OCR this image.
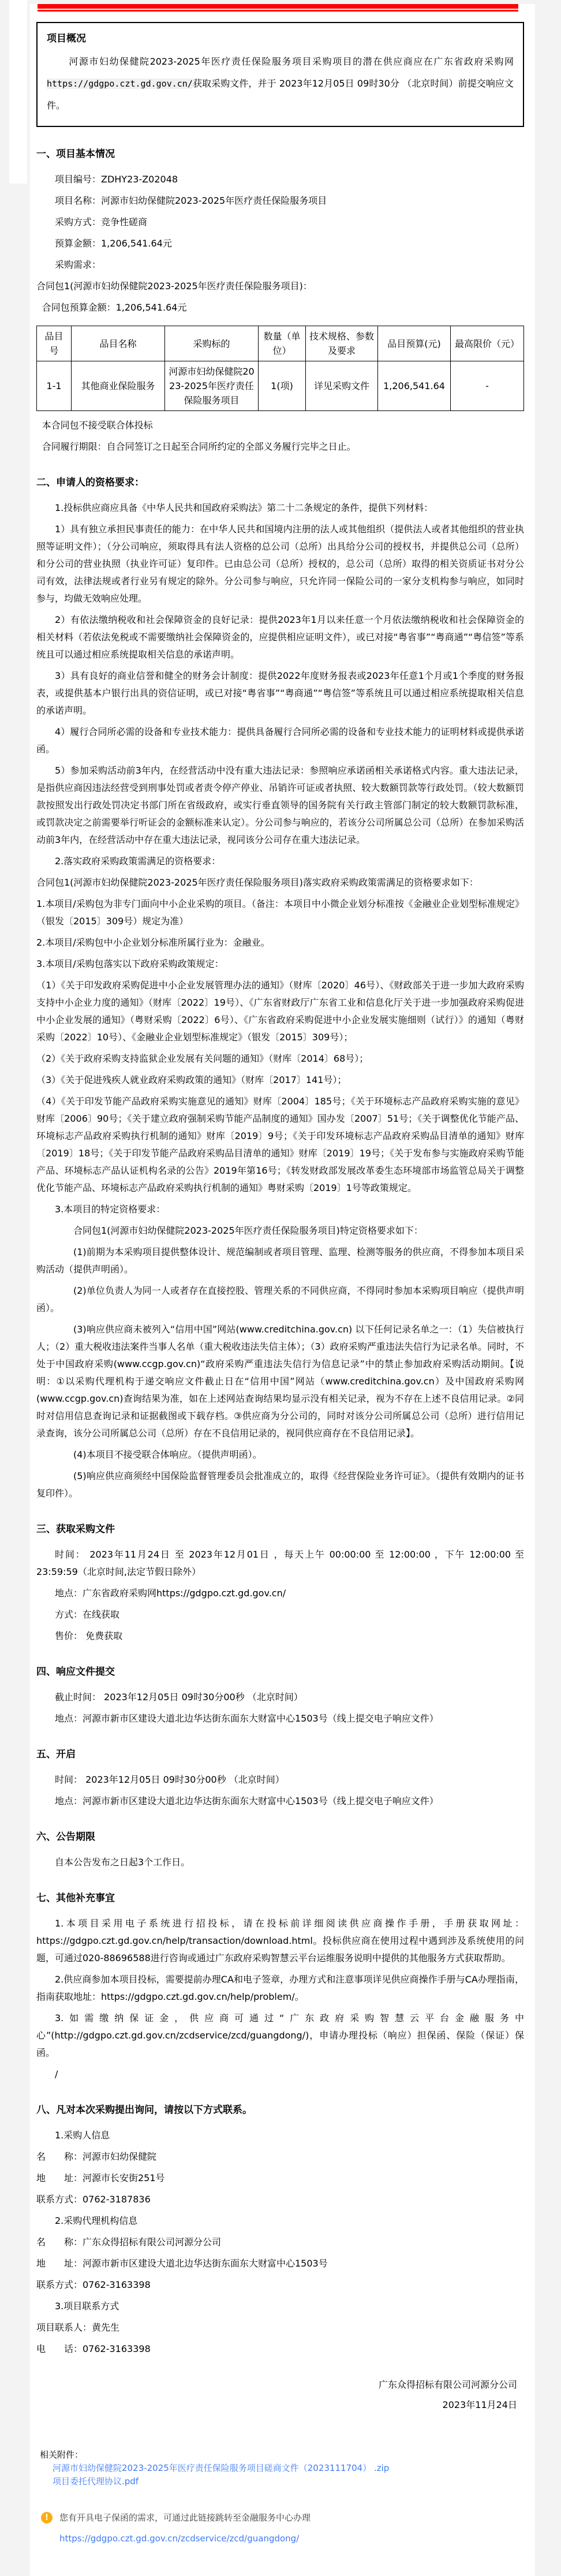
项目概况

河源市妇幼保健院2023-2025年医疗责任保险服务项目采购项目的潜在供应商应在广东省政府采购网https://gdgpo.czt.gd.gov.cn/获取采购文件，并于 2023年12月05日 09时30分 （北京时间）前提交响应文件。

一、项目基本情况

项目编号：ZDHY23-Z02048

项目名称：河源市妇幼保健院2023-2025年医疗责任保险服务项目

采购方式：竞争性磋商

预算金额：1,206,541.64元

采购需求：

合同包1(河源市妇幼保健院2023-2025年医疗责任保险服务项目)：

合同包预算金额：1,206,541.64元

品目号	品目名称	采购标的	数量（单位）	技术规格、参数及要求	品目预算(元)	最高限价（元）
1-1	其他商业保险服务	河源市妇幼保健院2023-2025年医疗责任保险服务项目	1(项)	详见采购文件	1,206,541.64	-

本合同包不接受联合体投标

合同履行期限：自合同签订之日起至合同所约定的全部义务履行完毕之日止。

二、申请人的资格要求：

1.投标供应商应具备《中华人民共和国政府采购法》第二十二条规定的条件，提供下列材料：

1）具有独立承担民事责任的能力：在中华人民共和国境内注册的法人或其他组织（提供法人或者其他组织的营业执照等证明文件）；（分公司响应，须取得具有法人资格的总公司（总所）出具给分公司的授权书，并提供总公司（总所）和分公司的营业执照（执业许可证）复印件。已由总公司（总所）授权的，总公司（总所）取得的相关资质证书对分公司有效，法律法规或者行业另有规定的除外。分公司参与响应，只允许同一保险公司的一家分支机构参与响应，如同时参与，均做无效响应处理。

2）有依法缴纳税收和社会保障资金的良好记录：提供2023年1月以来任意一个月依法缴纳税收和社会保障资金的相关材料（若依法免税或不需要缴纳社会保障资金的，应提供相应证明文件），或已对接“粤省事”“粤商通”“粤信签”等系统且可以通过相应系统提取相关信息的承诺声明。

3）具有良好的商业信誉和健全的财务会计制度：提供2022年度财务报表或2023年任意1个月或1个季度的财务报表，或提供基本户银行出具的资信证明，或已对接“粤省事”“粤商通”“粤信签”等系统且可以通过相应系统提取相关信息的承诺声明。

4）履行合同所必需的设备和专业技术能力：提供具备履行合同所必需的设备和专业技术能力的证明材料或提供承诺函。

5）参加采购活动前3年内，在经营活动中没有重大违法记录：参照响应承诺函相关承诺格式内容。重大违法记录，是指供应商因违法经营受到刑事处罚或者责令停产停业、吊销许可证或者执照、较大数额罚款等行政处罚。（较大数额罚款按照发出行政处罚决定书部门所在省级政府，或实行垂直领导的国务院有关行政主管部门制定的较大数额罚款标准，或罚款决定之前需要举行听证会的金额标准来认定）。分公司参与响应的，若该分公司所属总公司（总所）在参加采购活动前3年内，在经营活动中存在重大违法记录，视同该分公司存在重大违法记录。

2.落实政府采购政策需满足的资格要求：

合同包1(河源市妇幼保健院2023-2025年医疗责任保险服务项目)落实政府采购政策需满足的资格要求如下：

1.本项目/采购包为非专门面向中小企业采购的项目。（备注：本项目中小微企业划分标准按《金融业企业划型标准规定》（银发〔2015〕309号）规定为准）

2.本项目/采购包中小企业划分标准所属行业为：金融业。

3.本项目/采购包落实以下政府采购政策规定：

（1）《关于印发政府采购促进中小企业发展管理办法的通知》（财库〔2020〕46号）、《财政部关于进一步加大政府采购支持中小企业力度的通知》（财库〔2022〕19号）、《广东省财政厅广东省工业和信息化厅关于进一步加强政府采购促进中小企业发展的通知》（粤财采购〔2022〕6号）、《广东省政府采购促进中小企业发展实施细则（试行）》的通知（粤财采购〔2022〕10号）、《金融业企业划型标准规定》（银发〔2015〕309号）；

（2）《关于政府采购支持监狱企业发展有关问题的通知》（财库〔2014〕68号）；

（3）《关于促进残疾人就业政府采购政策的通知》（财库〔2017〕141号）；

（4）《关于印发节能产品政府采购实施意见的通知》财库〔2004〕185号；《关于环境标志产品政府采购实施的意见》财库〔2006〕90号；《关于建立政府强制采购节能产品制度的通知》国办发〔2007〕51号；《关于调整优化节能产品、环境标志产品政府采购执行机制的通知》财库〔2019〕9号；《关于印发环境标志产品政府采购品目清单的通知》财库〔2019〕18号；《关于印发节能产品政府采购品目清单的通知》财库〔2019〕19号；《关于发布参与实施政府采购节能产品、环境标志产品认证机构名录的公告》2019年第16号；《转发财政部发展改革委生态环境部市场监管总局关于调整优化节能产品、环境标志产品政府采购执行机制的通知》粤财采购〔2019〕1号等政策规定。

3.本项目的特定资格要求：

合同包1(河源市妇幼保健院2023-2025年医疗责任保险服务项目)特定资格要求如下：

(1)前期为本采购项目提供整体设计、规范编制或者项目管理、监理、检测等服务的供应商，不得参加本项目采购活动（提供声明函）。

(2)单位负责人为同一人或者存在直接控股、管理关系的不同供应商，不得同时参加本采购项目响应（提供声明函）。

(3)响应供应商未被列入“信用中国”网站(www.creditchina.gov.cn) 以下任何记录名单之一：（1）失信被执行人；（2）重大税收违法案件当事人名单（重大税收违法失信主体）；（3）政府采购严重违法失信行为记录名单。同时，不处于中国政府采购(www.ccgp.gov.cn)“政府采购严重违法失信行为信息记录”中的禁止参加政府采购活动期间。【说明：①以采购代理机构于递交响应文件截止日在“信用中国”网站（www.creditchina.gov.cn）及中国政府采购网(www.ccgp.gov.cn)查询结果为准，如在上述网站查询结果均显示没有相关记录，视为不存在上述不良信用记录。②同时对信用信息查询记录和证据截图或下载存档。③供应商为分公司的，同时对该分公司所属总公司（总所）进行信用记录查询，该分公司所属总公司（总所）存在不良信用记录的，视同供应商存在不良信用记录】。

(4)本项目不接受联合体响应。（提供声明函）。

(5)响应供应商须经中国保险监督管理委员会批准成立的，取得《经营保险业务许可证》。（提供有效期内的证书复印件）。

三、获取采购文件

时间： 2023年11月24日 至 2023年12月01日 ，每天上午 00:00:00 至 12:00:00 ，下午 12:00:00 至 23:59:59（北京时间,法定节假日除外）

地点：广东省政府采购网https://gdgpo.czt.gd.gov.cn/

方式：在线获取

售价： 免费获取

四、响应文件提交

截止时间： 2023年12月05日 09时30分00秒 （北京时间）

地点：河源市新市区建设大道北边华达街东面东大财富中心1503号（线上提交电子响应文件）

五、开启

时间： 2023年12月05日 09时30分00秒 （北京时间）

地点：河源市新市区建设大道北边华达街东面东大财富中心1503号（线上提交电子响应文件）

六、公告期限

自本公告发布之日起3个工作日。

七、其他补充事宜

1.本项目采用电子系统进行招投标，请在投标前详细阅读供应商操作手册，手册获取网址：https://gdgpo.czt.gd.gov.cn/help/transaction/download.html。投标供应商在使用过程中遇到涉及系统使用的问题，可通过020-88696588进行咨询或通过广东政府采购智慧云平台运维服务说明中提供的其他服务方式获取帮助。

2.供应商参加本项目投标，需要提前办理CA和电子签章，办理方式和注意事项详见供应商操作手册与CA办理指南，指南获取地址：https://gdgpo.czt.gd.gov.cn/help/problem/。

3.如需缴纳保证金，供应商可通过“广东政府采购智慧云平台金融服务中心”(http://gdgpo.czt.gd.gov.cn/zcdservice/zcd/guangdong/)，申请办理投标（响应）担保函、保险（保证）保函。

/

八、凡对本次采购提出询问，请按以下方式联系。

1.采购人信息

名　　称：河源市妇幼保健院

地　　址：河源市长安街251号

联系方式：0762-3187836

2.采购代理机构信息

名　　称：广东众得招标有限公司河源分公司

地　　址：河源市新市区建设大道北边华达街东面东大财富中心1503号

联系方式：0762-3163398

3.项目联系方式

项目联系人：黄先生

电　　话：0762-3163398

广东众得招标有限公司河源分公司

2023年11月24日

相关附件：
河源市妇幼保健院2023-2025年医疗责任保险服务项目磋商文件（2023111704） .zip
项目委托代理协议.pdf
!
您有开具电子保函的需求，可通过此链接跳转至金融服务中心办理
https://gdgpo.czt.gd.gov.cn/zcdservice/zcd/guangdong/
